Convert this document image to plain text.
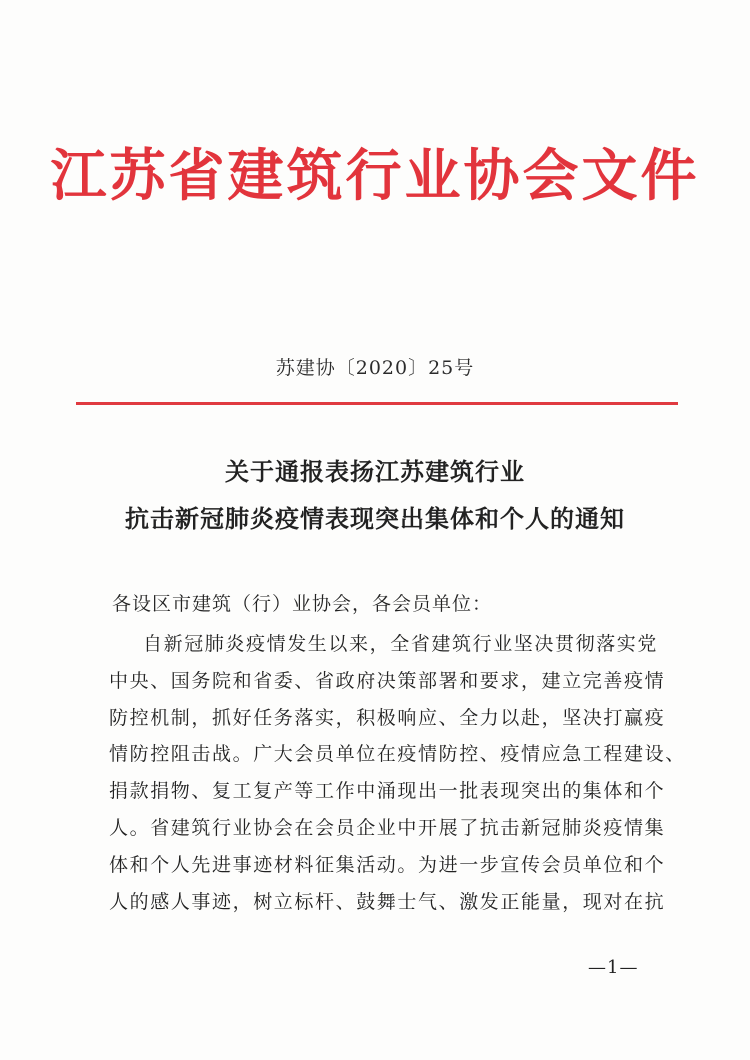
江苏省建筑行业协会文件
苏建协〔2020〕25号
关于通报表扬江苏建筑行业
抗击新冠肺炎疫情表现突出集体和个人的通知
各设区市建筑（行）业协会，各会员单位：
自新冠肺炎疫情发生以来，全省建筑行业坚决贯彻落实党
中央、国务院和省委、省政府决策部署和要求，建立完善疫情
防控机制，抓好任务落实，积极响应、全力以赴，坚决打赢疫
情防控阻击战。广大会员单位在疫情防控、疫情应急工程建设、
捐款捐物、复工复产等工作中涌现出一批表现突出的集体和个
人。省建筑行业协会在会员企业中开展了抗击新冠肺炎疫情集
体和个人先进事迹材料征集活动。为进一步宣传会员单位和个
人的感人事迹，树立标杆、鼓舞士气、激发正能量，现对在抗
—1—
